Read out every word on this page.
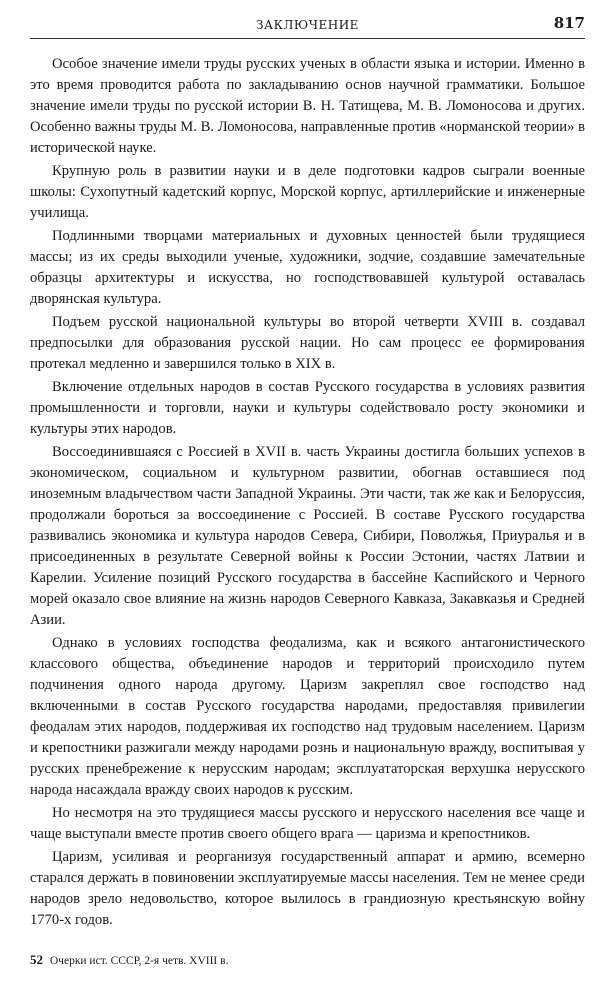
ЗАКЛЮЧЕНИЕ	817

Особое значение имели труды русских ученых в области языка и истории. Именно в это время проводится работа по закладыванию основ научной грамматики. Большое значение имели труды по русской истории В. Н. Татищева, М. В. Ломоносова и других. Особенно важны труды М. В. Ломоносова, направленные против «норманской теории» в исторической науке.

Крупную роль в развитии науки и в деле подготовки кадров сыграли военные школы: Сухопутный кадетский корпус, Морской корпус, артиллерийские и инженерные училища.

Подлинными творцами материальных и духовных ценностей были трудящиеся массы; из их среды выходили ученые, художники, зодчие, создавшие замечательные образцы архитектуры и искусства, но господствовавшей культурой оставалась дворянская культура.

Подъем русской национальной культуры во второй четверти XVIII в. создавал предпосылки для образования русской нации. Но сам процесс ее формирования протекал медленно и завершился только в XIX в.

Включение отдельных народов в состав Русского государства в условиях развития промышленности и торговли, науки и культуры содействовало росту экономики и культуры этих народов.

Воссоединившаяся с Россией в XVII в. часть Украины достигла больших успехов в экономическом, социальном и культурном развитии, обогнав оставшиеся под иноземным владычеством части Западной Украины. Эти части, так же как и Белоруссия, продолжали бороться за воссоединение с Россией. В составе Русского государства развивались экономика и культура народов Севера, Сибири, Поволжья, Приуралья и в присоединенных в результате Северной войны к России Эстонии, частях Латвии и Карелии. Усиление позиций Русского государства в бассейне Каспийского и Черного морей оказало свое влияние на жизнь народов Северного Кавказа, Закавказья и Средней Азии.

Однако в условиях господства феодализма, как и всякого антагонистического классового общества, объединение народов и территорий происходило путем подчинения одного народа другому. Царизм закреплял свое господство над включенными в состав Русского государства народами, предоставляя привилегии феодалам этих народов, поддерживая их господство над трудовым населением. Царизм и крепостники разжигали между народами рознь и национальную вражду, воспитывая у русских пренебрежение к нерусским народам; эксплуататорская верхушка нерусского народа насаждала вражду своих народов к русским.

Но несмотря на это трудящиеся массы русского и нерусского населения все чаще и чаще выступали вместе против своего общего врага — царизма и крепостников.

Царизм, усиливая и реорганизуя государственный аппарат и армию, всемерно старался держать в повиновении эксплуатируемые массы населения. Тем не менее среди народов зрело недовольство, которое вылилось в грандиозную крестьянскую войну 1770-х годов.

52 Очерки ист. СССР, 2-я четв. XVIII в.
